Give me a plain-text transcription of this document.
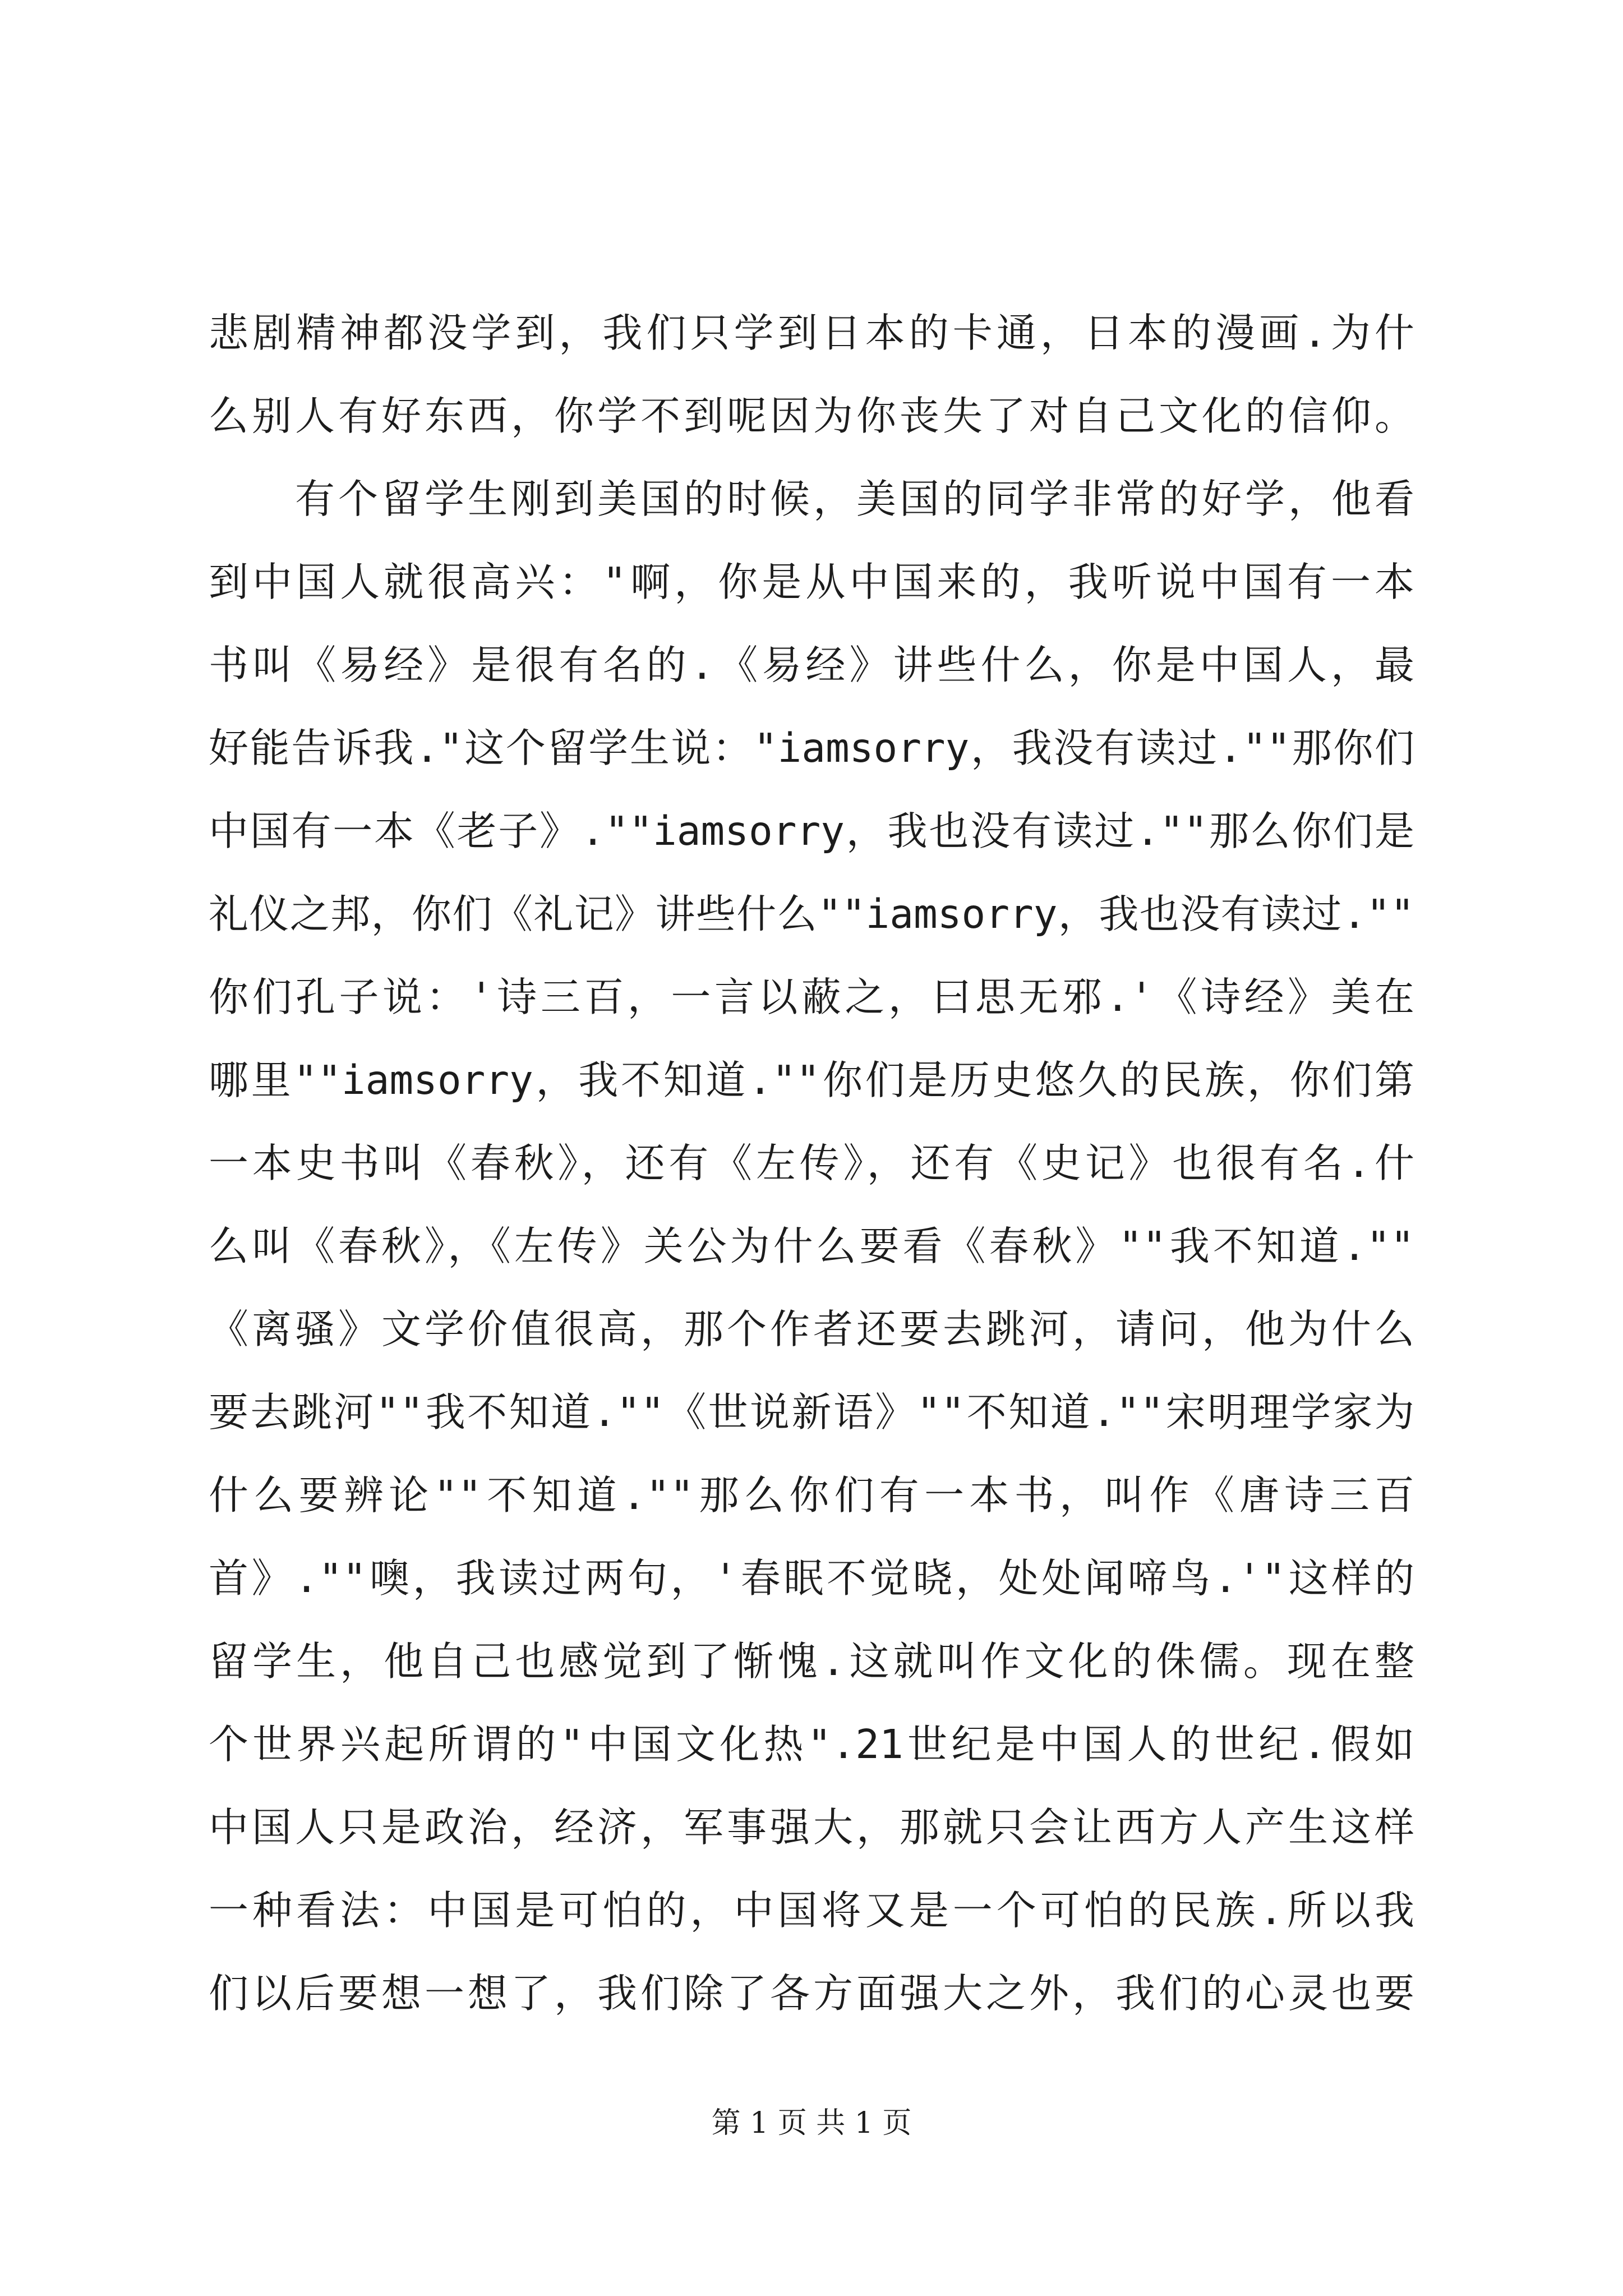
悲剧精神都没学到，我们只学到日本的卡通，日本的漫画.为什
么别人有好东西，你学不到呢因为你丧失了对自己文化的信仰。
　　有个留学生刚到美国的时候，美国的同学非常的好学，他看
到中国人就很高兴："啊，你是从中国来的，我听说中国有一本
书叫《易经》是很有名的.《易经》讲些什么，你是中国人，最
好能告诉我."这个留学生说："iamsorry，我没有读过.""那你们
中国有一本《老子》.""iamsorry，我也没有读过.""那么你们是
礼仪之邦，你们《礼记》讲些什么""iamsorry，我也没有读过.""
你们孔子说：'诗三百，一言以蔽之，曰思无邪.'《诗经》美在
哪里""iamsorry，我不知道.""你们是历史悠久的民族，你们第
一本史书叫《春秋》，还有《左传》，还有《史记》也很有名.什
么叫《春秋》，《左传》关公为什么要看《春秋》""我不知道.""
《离骚》文学价值很高，那个作者还要去跳河，请问，他为什么
要去跳河""我不知道.""《世说新语》""不知道.""宋明理学家为
什么要辨论""不知道.""那么你们有一本书，叫作《唐诗三百
首》.""噢，我读过两句，'春眠不觉晓，处处闻啼鸟.'"这样的
留学生，他自己也感觉到了惭愧.这就叫作文化的侏儒。现在整
个世界兴起所谓的"中国文化热".21世纪是中国人的世纪.假如
中国人只是政治，经济，军事强大，那就只会让西方人产生这样
一种看法：中国是可怕的，中国将又是一个可怕的民族.所以我
们以后要想一想了，我们除了各方面强大之外，我们的心灵也要
第 1 页 共 1 页
